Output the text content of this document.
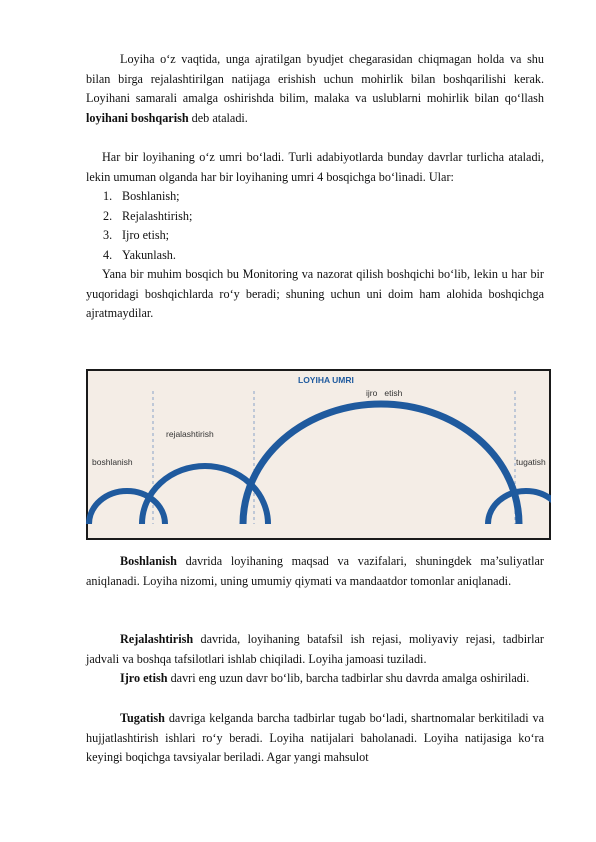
Loyiha o‘z vaqtida, unga ajratilgan byudjet chegarasidan chiqmagan holda va shu bilan birga rejalashtirilgan natijaga erishish uchun mohirlik bilan boshqarilishi kerak. Loyihani samarali amalga oshirishda bilim, malaka va uslublarni mohirlik bilan qo‘llash loyihani boshqarish deb ataladi.

Har bir loyihaning o‘z umri bo‘ladi. Turli adabiyotlarda bunday davrlar turlicha ataladi, lekin umuman olganda har bir loyihaning umri 4 bosqichga bo‘linadi. Ular:

1. Boshlanish;

2. Rejalashtirish;

3. Ijro etish;

4. Yakunlash.

Yana bir muhim bosqich bu Monitoring va nazorat qilish boshqichi bo‘lib, lekin u har bir yuqoridagi boshqichlarda ro‘y beradi; shuning uchun uni doim ham alohida boshqichga ajratmaydilar.

LOYIHA UMRI
boshlanish
rejalashtirish
ijro   etish
tugatish

Boshlanish davrida loyihaning maqsad va vazifalari, shuningdek ma’suliyatlar aniqlanadi. Loyiha nizomi, uning umumiy qiymati va mandaatdor tomonlar aniqlanadi.

Rejalashtirish davrida, loyihaning batafsil ish rejasi, moliyaviy rejasi, tadbirlar jadvali va boshqa tafsilotlari ishlab chiqiladi. Loyiha jamoasi tuziladi.

Ijro etish davri eng uzun davr bo‘lib, barcha tadbirlar shu davrda amalga oshiriladi.

Tugatish davriga kelganda barcha tadbirlar tugab bo‘ladi, shartnomalar berkitiladi va hujjatlashtirish ishlari ro‘y beradi. Loyiha natijalari baholanadi. Loyiha natijasiga ko‘ra keyingi boqichga tavsiyalar beriladi. Agar yangi mahsulot
